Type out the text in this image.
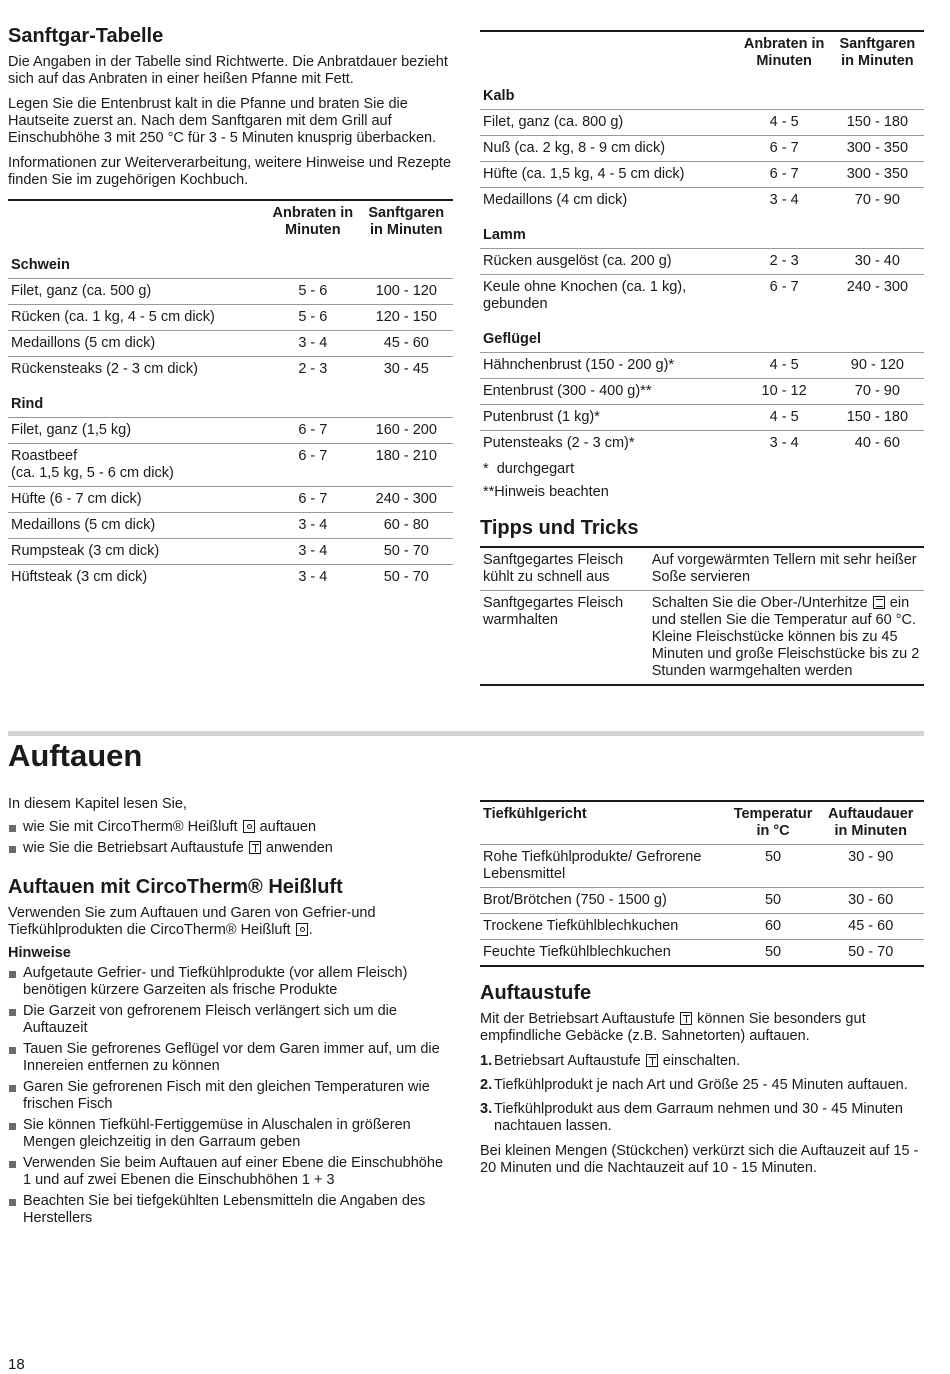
Sanftgar-Tabelle

Die Angaben in der Tabelle sind Richtwerte. Die Anbratdauer bezieht sich auf das Anbraten in einer heißen Pfanne mit Fett.

Legen Sie die Entenbrust kalt in die Pfanne und braten Sie die Hautseite zuerst an. Nach dem Sanftgaren mit dem Grill auf Einschubhöhe 3 mit 250 °C für 3 - 5 Minuten knusprig überbacken.

Informationen zur Weiterverarbeitung, weitere Hinweise und Rezepte finden Sie im zugehörigen Kochbuch.

	Anbraten in Minuten	Sanftgaren in Minuten
Schwein		
Filet, ganz (ca. 500 g)	5 - 6	100 - 120
Rücken (ca. 1 kg, 4 - 5 cm dick)	5 - 6	120 - 150
Medaillons (5 cm dick)	3 - 4	45 - 60
Rückensteaks (2 - 3 cm dick)	2 - 3	30 - 45
Rind		
Filet, ganz (1,5 kg)	6 - 7	160 - 200
Roastbeef
(ca. 1,5 kg, 5 - 6 cm dick)	6 - 7	180 - 210
Hüfte (6 - 7 cm dick)	6 - 7	240 - 300
Medaillons (5 cm dick)	3 - 4	60 - 80
Rumpsteak (3 cm dick)	3 - 4	50 - 70
Hüftsteak (3 cm dick)	3 - 4	50 - 70
	Anbraten in Minuten	Sanftgaren in Minuten
Kalb		
Filet, ganz (ca. 800 g)	4 - 5	150 - 180
Nuß (ca. 2 kg, 8 - 9 cm dick)	6 - 7	300 - 350
Hüfte (ca. 1,5 kg, 4 - 5 cm dick)	6 - 7	300 - 350
Medaillons (4 cm dick)	3 - 4	70 - 90
Lamm		
Rücken ausgelöst (ca. 200 g)	2 - 3	30 - 40
Keule ohne Knochen (ca. 1 kg), gebunden	6 - 7	240 - 300
Geflügel		
Hähnchenbrust (150 - 200 g)*	4 - 5	90 - 120
Entenbrust (300 - 400 g)**	10 - 12	70 - 90
Putenbrust (1 kg)*	4 - 5	150 - 180
Putensteaks (2 - 3 cm)*	3 - 4	40 - 60
* durchgegart
**Hinweis beachten
Tipps und Tricks
Sanftgegartes Fleisch kühlt zu schnell aus	Auf vorgewärmten Tellern mit sehr heißer Soße servieren
Sanftgegartes Fleisch warmhalten	Schalten Sie die Ober-/Unterhitze ein und stellen Sie die Temperatur auf 60 °C. Kleine Fleischstücke können bis zu 45 Minuten und große Fleischstücke bis zu 2 Stunden warmgehalten werden
Auftauen

In diesem Kapitel lesen Sie,

wie Sie mit CircoTherm® Heißluft auftauen
wie Sie die Betriebsart Auftaustufe anwenden
Auftauen mit CircoTherm® Heißluft

Verwenden Sie zum Auftauen und Garen von Gefrier-und Tiefkühlprodukten die CircoTherm® Heißluft .

Hinweise
Aufgetaute Gefrier- und Tiefkühlprodukte (vor allem Fleisch) benötigen kürzere Garzeiten als frische Produkte
Die Garzeit von gefrorenem Fleisch verlängert sich um die Auftauzeit
Tauen Sie gefrorenes Geflügel vor dem Garen immer auf, um die Innereien entfernen zu können
Garen Sie gefrorenen Fisch mit den gleichen Temperaturen wie frischen Fisch
Sie können Tiefkühl-Fertiggemüse in Aluschalen in größeren Mengen gleichzeitig in den Garraum geben
Verwenden Sie beim Auftauen auf einer Ebene die Einschubhöhe 1 und auf zwei Ebenen die Einschubhöhen 1 + 3
Beachten Sie bei tiefgekühlten Lebensmitteln die Angaben des Herstellers
Tiefkühlgericht	Temperatur in °C	Auftaudauer in Minuten
Rohe Tiefkühlprodukte/ Gefrorene Lebensmittel	50	30 - 90
Brot/Brötchen (750 - 1500 g)	50	30 - 60
Trockene Tiefkühlblechkuchen	60	45 - 60
Feuchte Tiefkühlblechkuchen	50	50 - 70
Auftaustufe

Mit der Betriebsart Auftaustufe können Sie besonders gut empfindliche Gebäcke (z.B. Sahnetorten) auftauen.

1. Betriebsart Auftaustufe einschalten.
2. Tiefkühlprodukt je nach Art und Größe 25 - 45 Minuten auftauen.
3. Tiefkühlprodukt aus dem Garraum nehmen und 30 - 45 Minuten nachtauen lassen.

Bei kleinen Mengen (Stückchen) verkürzt sich die Auftauzeit auf 15 - 20 Minuten und die Nachtauzeit auf 10 - 15 Minuten.

18
